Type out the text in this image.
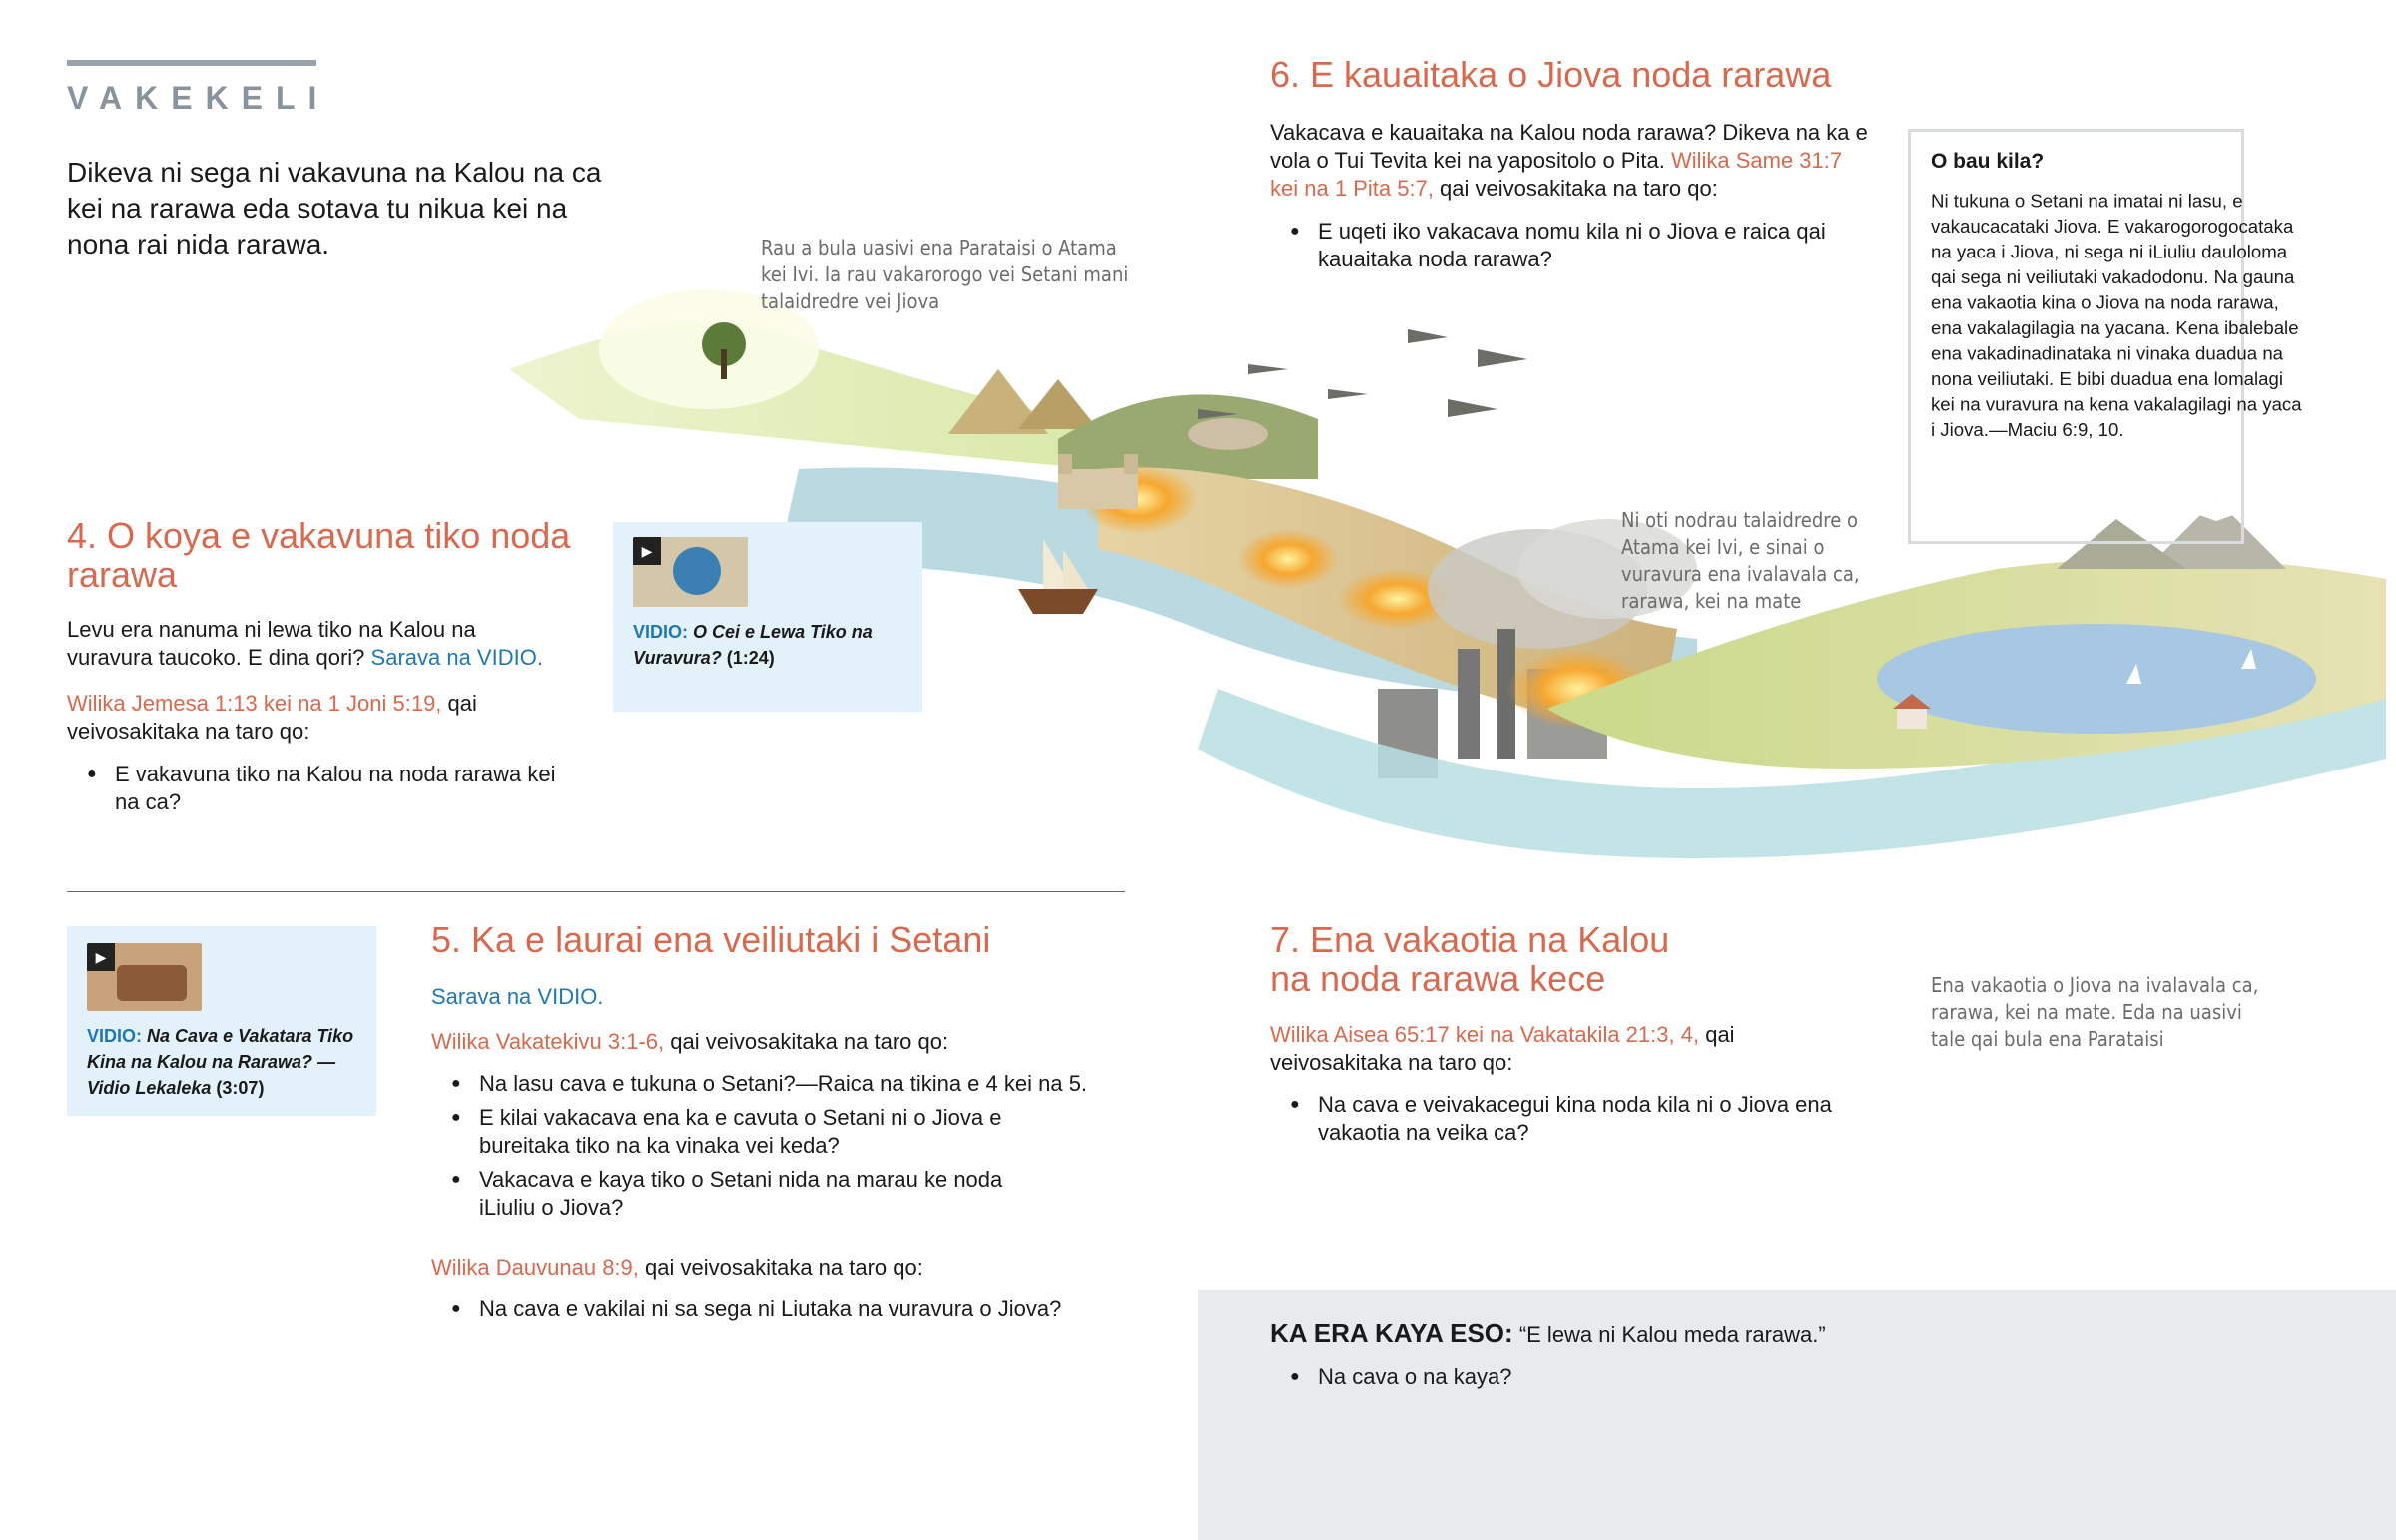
VAKEKELI

Dikeva ni sega ni vakavuna na Kalou na ca kei na rarawa eda sotava tu nikua kei na nona rai nida rarawa.	Rau a bula uasivi ena Parataisi o Atama kei Ivi. Ia rau vakarorogo vei Setani mani talaidredre vei Jiova

Ni oti nodrau talaidredre o Atama kei Ivi, e sinai o vuravura ena ivalavala ca, rarawa, kei na mate

Ena vakaotia o Jiova na ivalavala ca, rarawa, kei na mate. Eda na uasivi tale qai bula ena Parataisi

4. O koya e vakavuna tiko noda rarawa

Levu era nanuma ni lewa tiko na Kalou na vuravura taucoko. E dina qori? Sarava na VIDIO.

Wilika Jemesa 1:13 kei na 1 Joni 5:19, qai veivosakitaka na taro qo:

● E vakavuna tiko na Kalou na noda rarawa kei na ca?
▶

VIDIO: O Cei e Lewa Tiko na Vuravura? (1:24)

▶

VIDIO: Na Cava e Vakatara Tiko Kina na Kalou na Rarawa? —Vidio Lekaleka (3:07)

5. Ka e laurai ena veiliutaki i Setani
Sarava na VIDIO.

Wilika Vakatekivu 3:1-6, qai veivosakitaka na taro qo:

● Na lasu cava e tukuna o Setani?—Raica na tikina e 4 kei na 5.
● E kilai vakacava ena ka e cavuta o Setani ni o Jiova e bureitaka tiko na ka vinaka vei keda?
● Vakacava e kaya tiko o Setani nida na marau ke noda iLiuliu o Jiova?

Wilika Dauvunau 8:9, qai veivosakitaka na taro qo:

● Na cava e vakilai ni sa sega ni Liutaka na vuravura o Jiova?
6. E kauaitaka o Jiova noda rarawa

Vakacava e kauaitaka na Kalou noda rarawa? Dikeva na ka e vola o Tui Tevita kei na yapositolo o Pita. Wilika Same 31:7 kei na 1 Pita 5:7, qai veivosakitaka na taro qo:

● E uqeti iko vakacava nomu kila ni o Jiova e raica qai kauaitaka noda rarawa?
O bau kila?

Ni tukuna o Setani na imatai ni lasu, e vakaucacataki Jiova. E vakarogorogocataka na yaca i Jiova, ni sega ni iLiuliu dauloloma qai sega ni veiliutaki vakadodonu. Na gauna ena vakaotia kina o Jiova na noda rarawa, ena vakalagilagia na yacana. Kena ibalebale ena vakadinadinataka ni vinaka duadua na nona veiliutaki. E bibi duadua ena lomalagi kei na vuravura na kena vakalagilagi na yaca i Jiova.—Maciu 6:9, 10.

7. Ena vakaotia na Kalou
na noda rarawa kece

Wilika Aisea 65:17 kei na Vakatakila 21:3, 4, qai veivosakitaka na taro qo:

● Na cava e veivakacegui kina noda kila ni o Jiova ena vakaotia na veika ca?

KA ERA KAYA ESO: “E lewa ni Kalou meda rarawa.”

● Na cava o na kaya?
